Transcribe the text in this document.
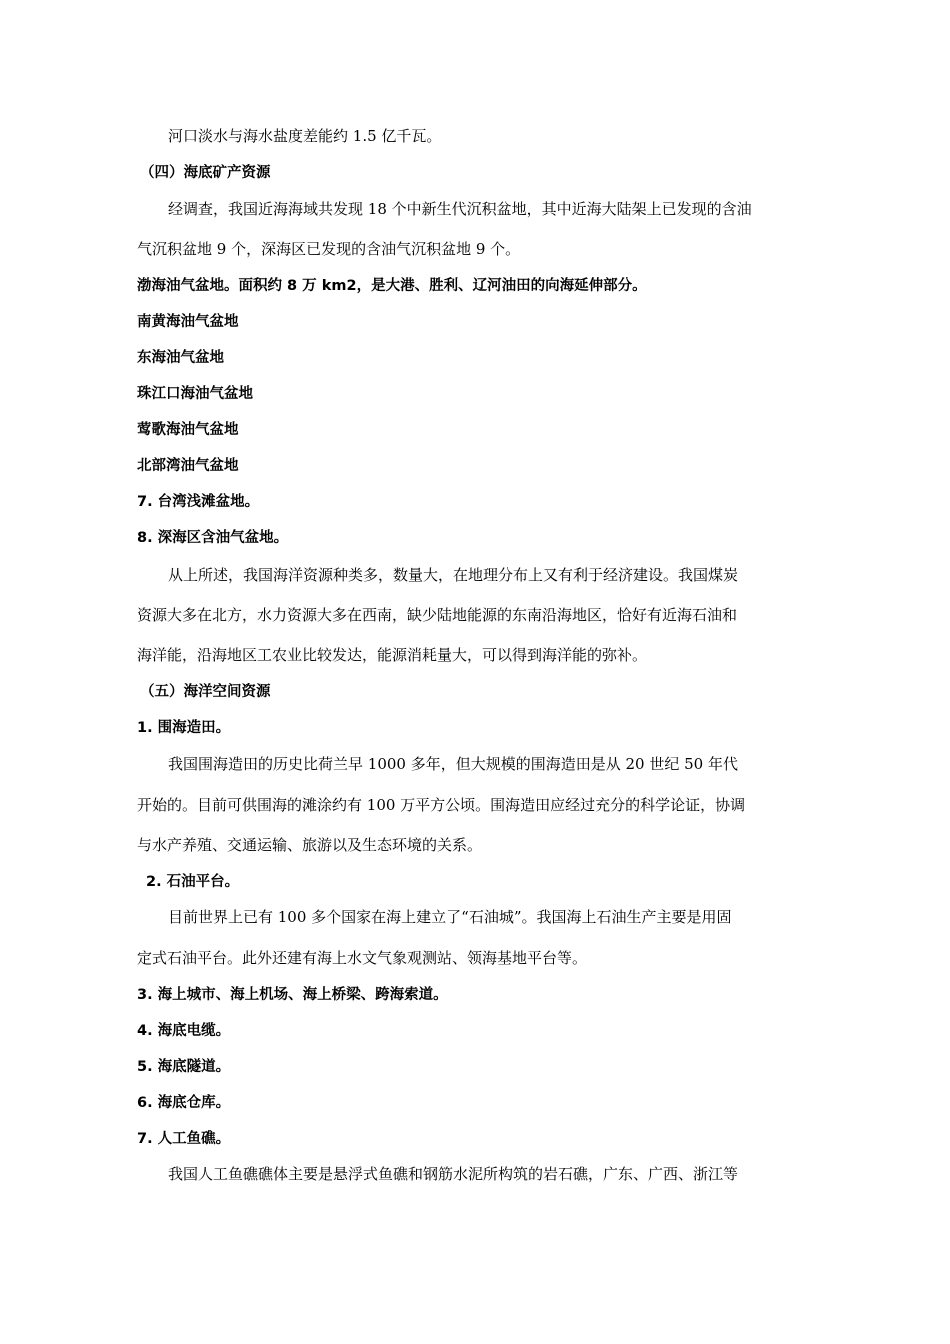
河口淡水与海水盐度差能约 1.5 亿千瓦。
（四）海底矿产资源
经调查，我国近海海域共发现 18 个中新生代沉积盆地，其中近海大陆架上已发现的含油
气沉积盆地 9 个，深海区已发现的含油气沉积盆地 9 个。
渤海油气盆地。面积约 8 万 km2，是大港、胜利、辽河油田的向海延伸部分。
南黄海油气盆地
东海油气盆地
珠江口海油气盆地
莺歌海油气盆地
北部湾油气盆地
7. 台湾浅滩盆地。
8. 深海区含油气盆地。
从上所述，我国海洋资源种类多，数量大，在地理分布上又有利于经济建设。我国煤炭
资源大多在北方，水力资源大多在西南，缺少陆地能源的东南沿海地区，恰好有近海石油和
海洋能，沿海地区工农业比较发达，能源消耗量大，可以得到海洋能的弥补。
（五）海洋空间资源
1. 围海造田。
我国围海造田的历史比荷兰早 1000 多年，但大规模的围海造田是从 20 世纪 50 年代
开始的。目前可供围海的滩涂约有 100 万平方公顷。围海造田应经过充分的科学论证，协调
与水产养殖、交通运输、旅游以及生态环境的关系。
2. 石油平台。
目前世界上已有 100 多个国家在海上建立了“石油城”。我国海上石油生产主要是用固
定式石油平台。此外还建有海上水文气象观测站、领海基地平台等。
3. 海上城市、海上机场、海上桥梁、跨海索道。
4. 海底电缆。
5. 海底隧道。
6. 海底仓库。
7. 人工鱼礁。
我国人工鱼礁礁体主要是悬浮式鱼礁和钢筋水泥所构筑的岩石礁，广东、广西、浙江等
